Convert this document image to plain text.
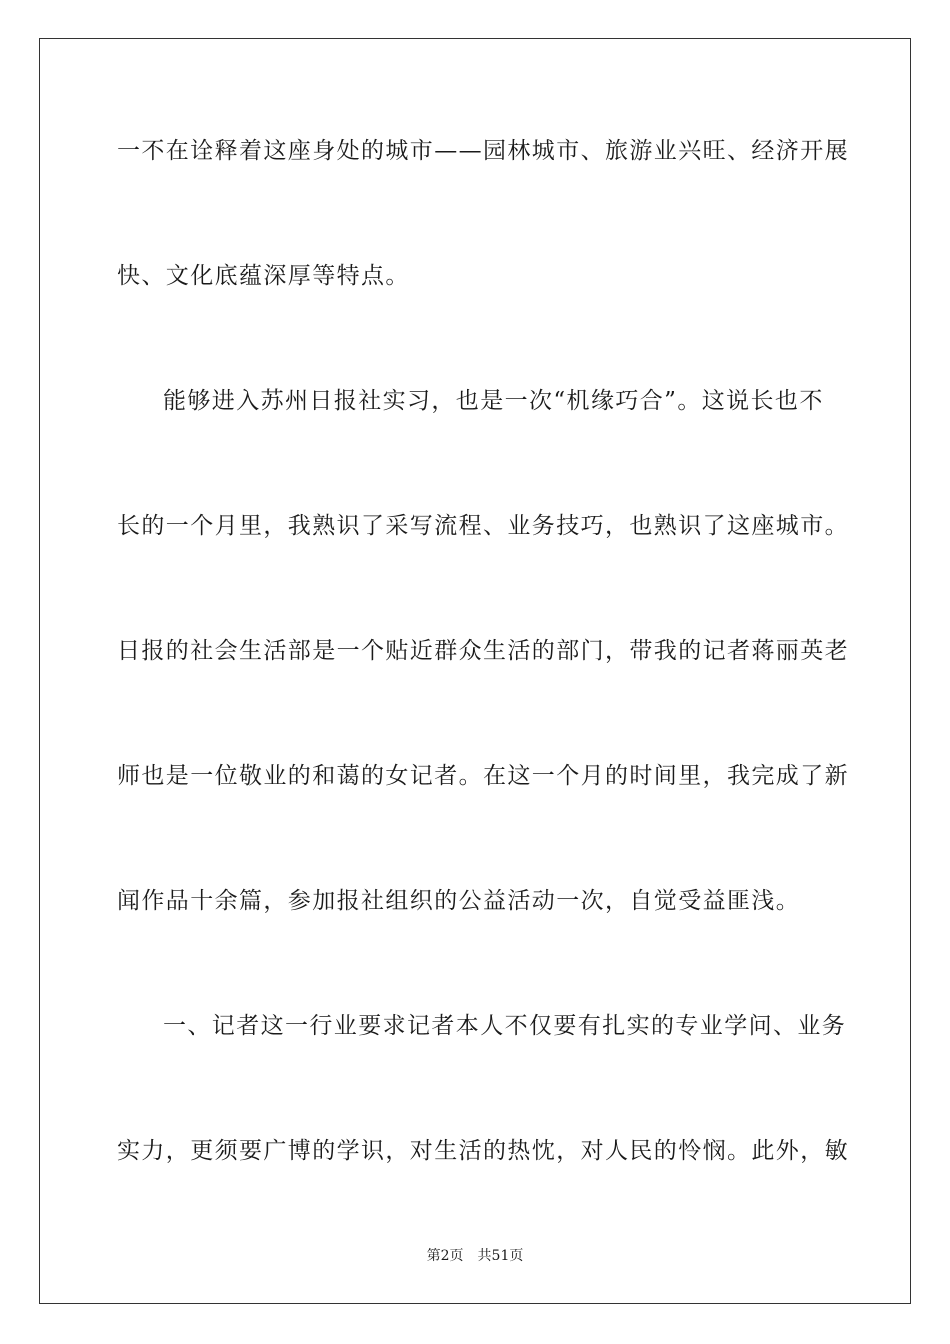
一不在诠释着这座身处的城市——园林城市、旅游业兴旺、经济开展
快、文化底蕴深厚等特点。
能够进入苏州日报社实习，也是一次“机缘巧合”。这说长也不
长的一个月里，我熟识了采写流程、业务技巧，也熟识了这座城市。
日报的社会生活部是一个贴近群众生活的部门，带我的记者蒋丽英老
师也是一位敬业的和蔼的女记者。在这一个月的时间里，我完成了新
闻作品十余篇，参加报社组织的公益活动一次，自觉受益匪浅。
一、记者这一行业要求记者本人不仅要有扎实的专业学问、业务
实力，更须要广博的学识，对生活的热忱，对人民的怜悯。此外，敏
第2页 共51页
